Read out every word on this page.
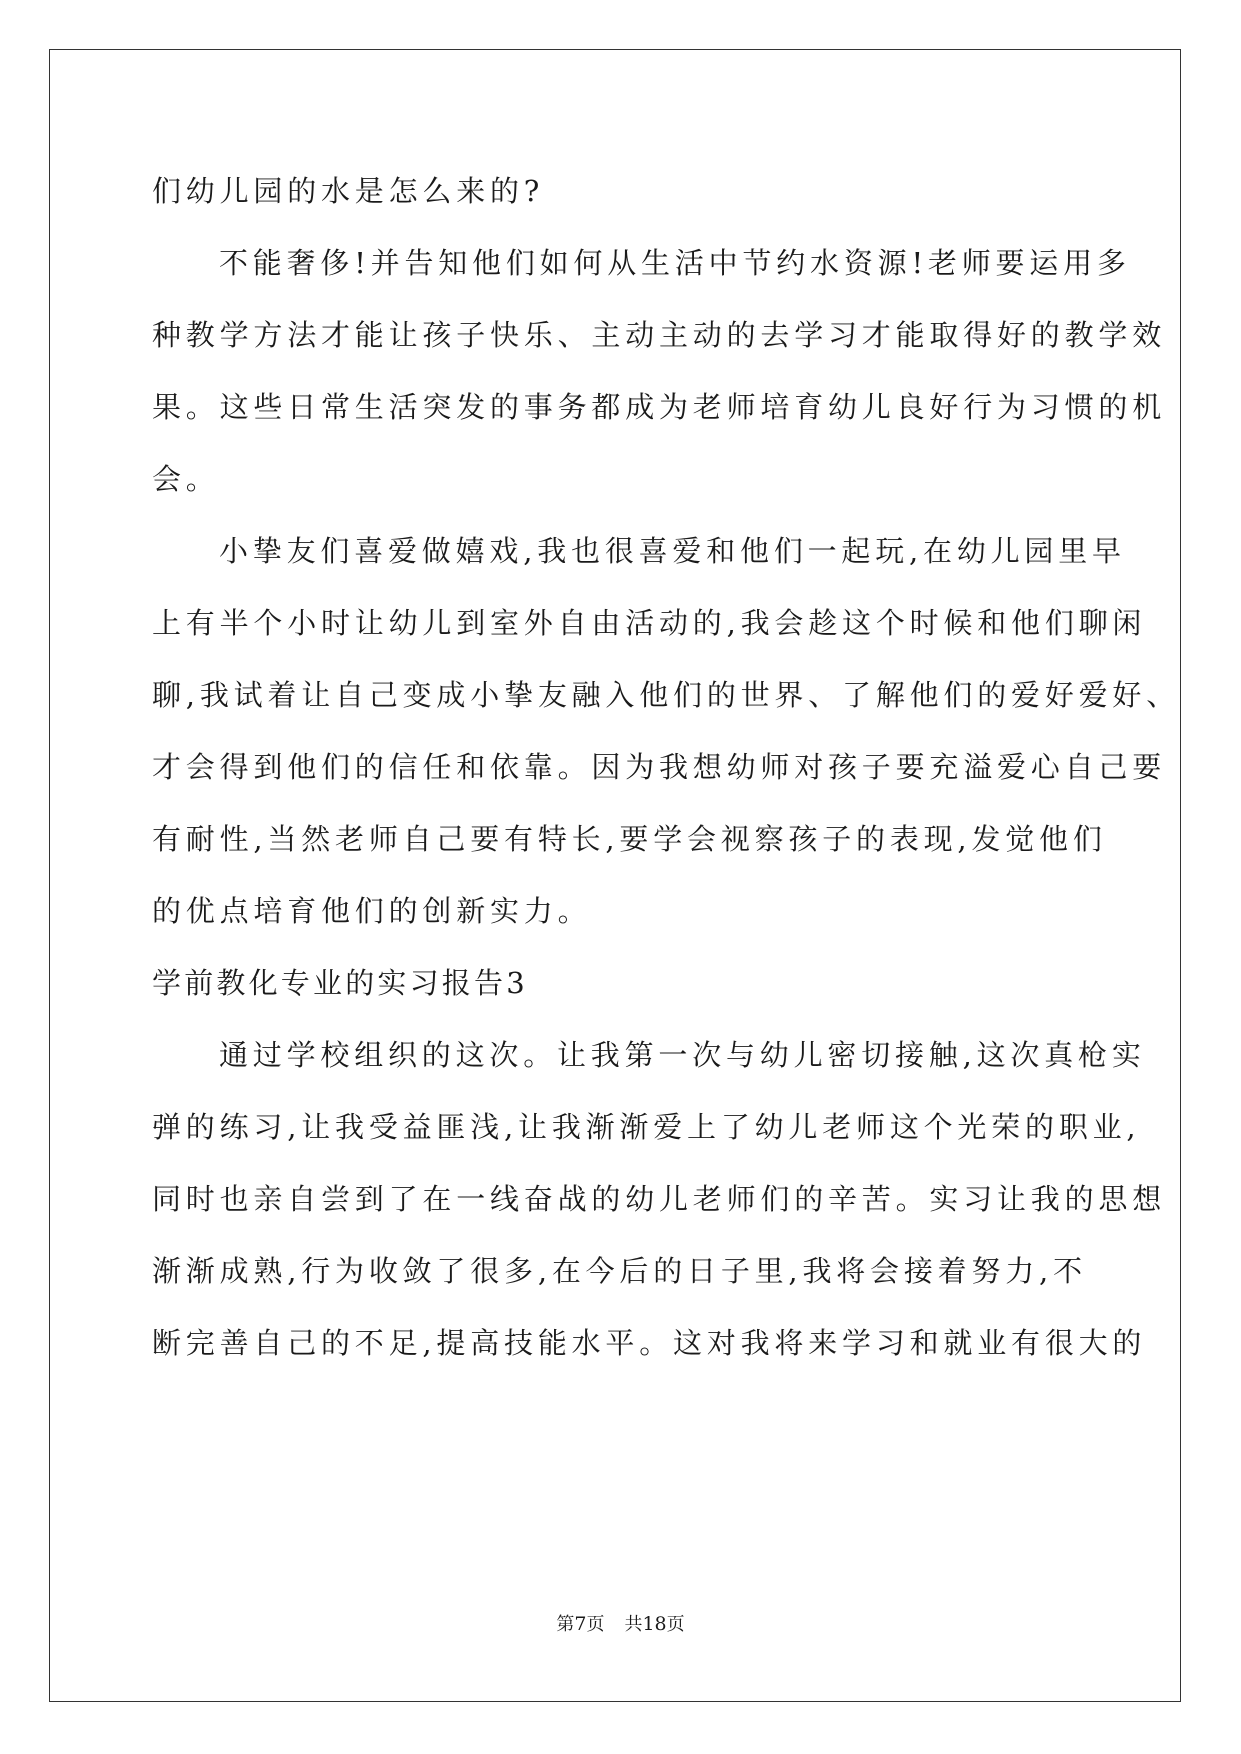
们幼儿园的水是怎么来的?
不能奢侈!并告知他们如何从生活中节约水资源!老师要运用多
种教学方法才能让孩子快乐、主动主动的去学习才能取得好的教学效
果。这些日常生活突发的事务都成为老师培育幼儿良好行为习惯的机
会。
小挚友们喜爱做嬉戏,我也很喜爱和他们一起玩,在幼儿园里早
上有半个小时让幼儿到室外自由活动的,我会趁这个时候和他们聊闲
聊,我试着让自己变成小挚友融入他们的世界、了解他们的爱好爱好、
才会得到他们的信任和依靠。因为我想幼师对孩子要充溢爱心自己要
有耐性,当然老师自己要有特长,要学会视察孩子的表现,发觉他们
的优点培育他们的创新实力。
学前教化专业的实习报告3
通过学校组织的这次。让我第一次与幼儿密切接触,这次真枪实
弹的练习,让我受益匪浅,让我渐渐爱上了幼儿老师这个光荣的职业,
同时也亲自尝到了在一线奋战的幼儿老师们的辛苦。实习让我的思想
渐渐成熟,行为收敛了很多,在今后的日子里,我将会接着努力,不
断完善自己的不足,提高技能水平。这对我将来学习和就业有很大的
第7页 共18页
